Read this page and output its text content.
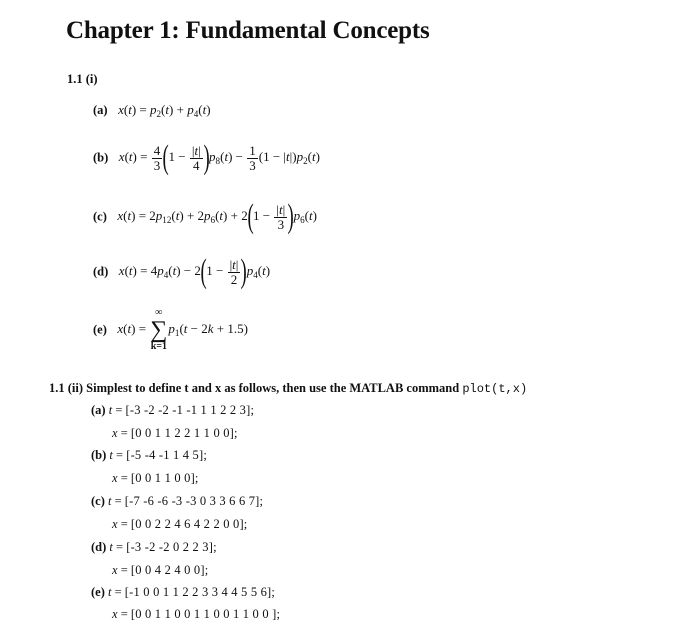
Chapter 1: Fundamental Concepts
1.1 (i)
(a) $x(t) = p_2(t) + p_4(t)$
(b) $x(t) = \frac{4}{3} (1 - \frac{|t|}{4} )p_8(t) - \frac{1}{3} (1 - |t|)p_2(t)$
(c) $x(t) = 2p_{12}(t) + 2p_6(t) + 2(1 - \frac{|t|}{3} )p_6(t)$
(d) $x(t) = 4p_4(t) - 2(1 - \frac{|t|}{2} )p_4(t)$
(e) x(t) =
∞
∑
k=1
$p_1(t - 2k + 1.5)$
1.1 (ii) Simplest to define t and x as follows, then use the MATLAB command plot(t,x)
(a) t = [-3 -2 -2 -1 -1 1 1 2 2 3];
x = [0 0 1 1 2 2 1 1 0 0];
(b) t = [-5 -4 -1 1 4 5];
x = [0 0 1 1 0 0];
(c) t = [-7 -6 -6 -3 -3 0 3 3 6 6 7];
x = [0 0 2 2 4 6 4 2 2 0 0];
(d) t = [-3 -2 -2 0 2 2 3];
x = [0 0 4 2 4 0 0];
(e) t = [-1 0 0 1 1 2 2 3 3 4 4 5 5 6];
x = [0 0 1 1 0 0 1 1 0 0 1 1 0 0 ];
